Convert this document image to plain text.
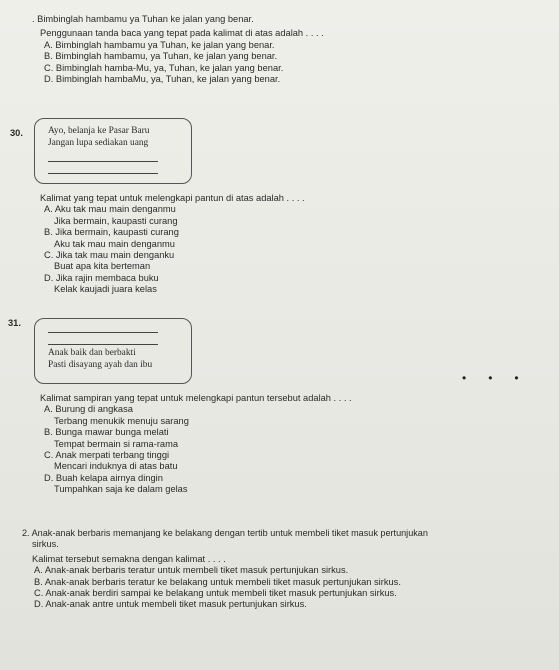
. Bimbinglah hambamu ya Tuhan ke jalan yang benar.
Penggunaan tanda baca yang tepat pada kalimat di atas adalah . . . .
A. Bimbinglah hambamu ya Tuhan, ke jalan yang benar.
B. Bimbinglah hambamu, ya Tuhan, ke jalan yang benar.
C. Bimbinglah hamba-Mu, ya, Tuhan, ke jalan yang benar.
D. Bimbinglah hambaMu, ya, Tuhan, ke jalan yang benar.
30.	Ayo, belanja ke Pasar Baru
Jangan lupa sediakan uang
Kalimat yang tepat untuk melengkapi pantun di atas adalah . . . .
A. Aku tak mau main denganmu
Jika bermain, kaupasti curang
B. Jika bermain, kaupasti curang
Aku tak mau main denganmu
C. Jika tak mau main denganku
Buat apa kita berteman
D. Jika rajin membaca buku
Kelak kaujadi juara kelas
31.
Anak baik dan berbakti
Pasti disayang ayah dan ibu
•••
Kalimat sampiran yang tepat untuk melengkapi pantun tersebut adalah . . . .
A. Burung di angkasa
Terbang menukik menuju sarang
B. Bunga mawar bunga melati
Tempat bermain si rama-rama
C. Anak merpati terbang tinggi
Mencari induknya di atas batu
D. Buah kelapa airnya dingin
Tumpahkan saja ke dalam gelas
2. Anak-anak berbaris memanjang ke belakang dengan tertib untuk membeli tiket masuk pertunjukan
sirkus.
Kalimat tersebut semakna dengan kalimat . . . .
A. Anak-anak berbaris teratur untuk membeli tiket masuk pertunjukan sirkus.
B. Anak-anak berbaris teratur ke belakang untuk membeli tiket masuk pertunjukan sirkus.
C. Anak-anak berdiri sampai ke belakang untuk membeli tiket masuk pertunjukan sirkus.
D. Anak-anak antre untuk membeli tiket masuk pertunjukan sirkus.
